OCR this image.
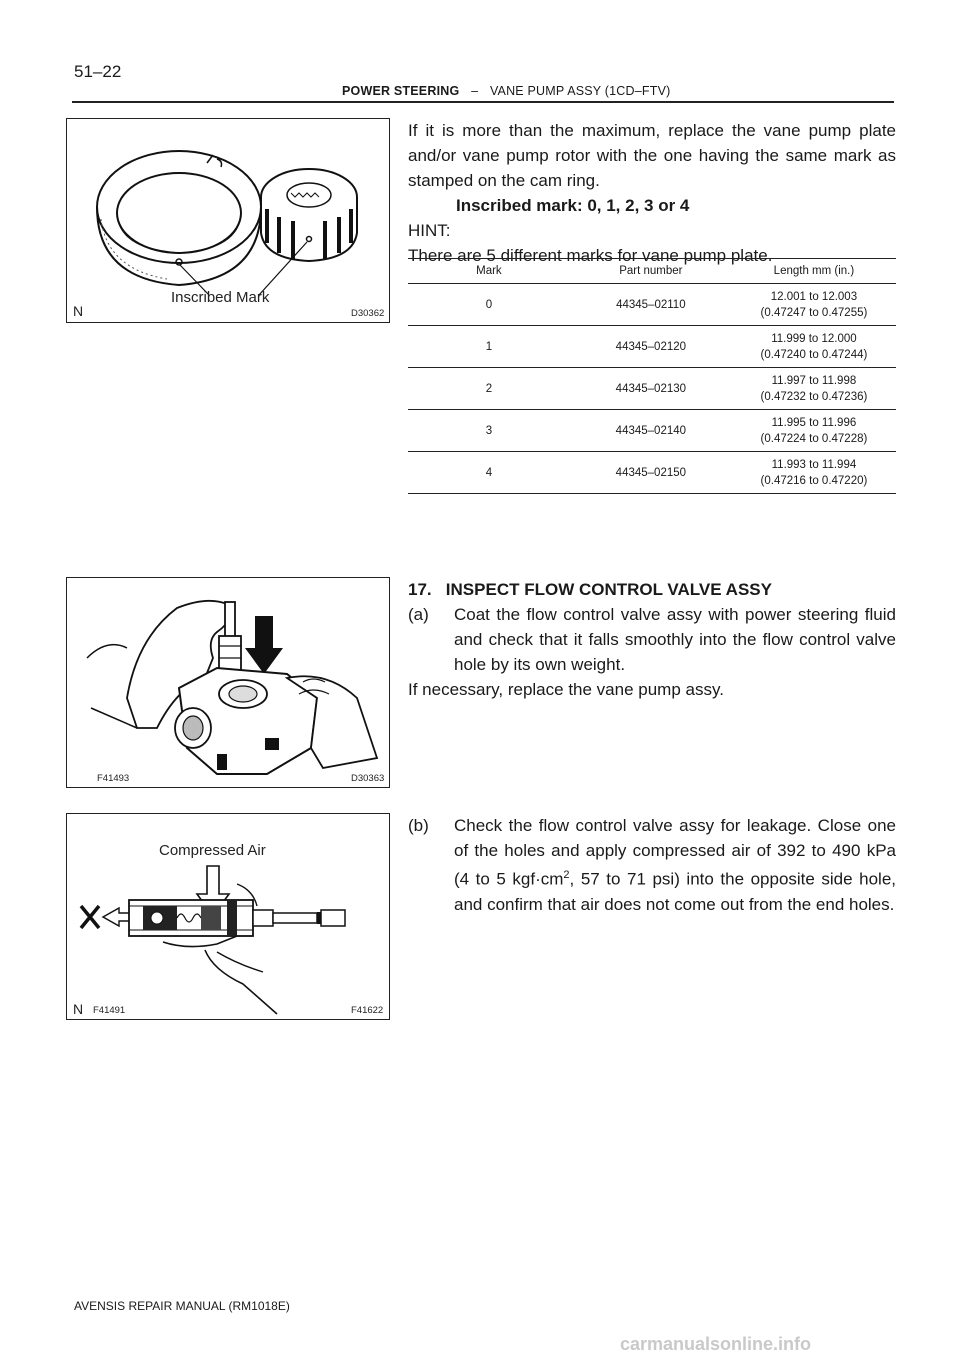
51–22
POWER STEERING – VANE PUMP ASSY (1CD–FTV)
Inscribed Mark
N	D30362
F41493	D30363
Compressed Air
N F41491	F41622
If it is more than the maximum, replace the vane pump plate and/or vane pump rotor with the one having the same mark as stamped on the cam ring.
Inscribed mark: 0, 1, 2, 3 or 4
HINT:
There are 5 different marks for vane pump plate.
Mark	Part number	Length mm (in.)
0	44345–02110	12.001 to 12.003
(0.47247 to 0.47255)
1	44345–02120	11.999 to 12.000
(0.47240 to 0.47244)
2	44345–02130	11.997 to 11.998
(0.47232 to 0.47236)
3	44345–02140	11.995 to 11.996
(0.47224 to 0.47228)
4	44345–02150	11.993 to 11.994
(0.47216 to 0.47220)
17.   INSPECT FLOW CONTROL VALVE ASSY
(a) Coat the flow control valve assy with power steering fluid and check that it falls smoothly into the flow control valve hole by its own weight.
If necessary, replace the vane pump assy.
(b) Check the flow control valve assy for leakage. Close one of the holes and apply compressed air of 392 to 490 kPa (4 to 5 $kgf\cdot cm^2$, 57 to 71 psi) into the opposite side hole, and confirm that air does not come out from the end holes.
AVENSIS REPAIR MANUAL (RM1018E)
carmanualsonline.info
